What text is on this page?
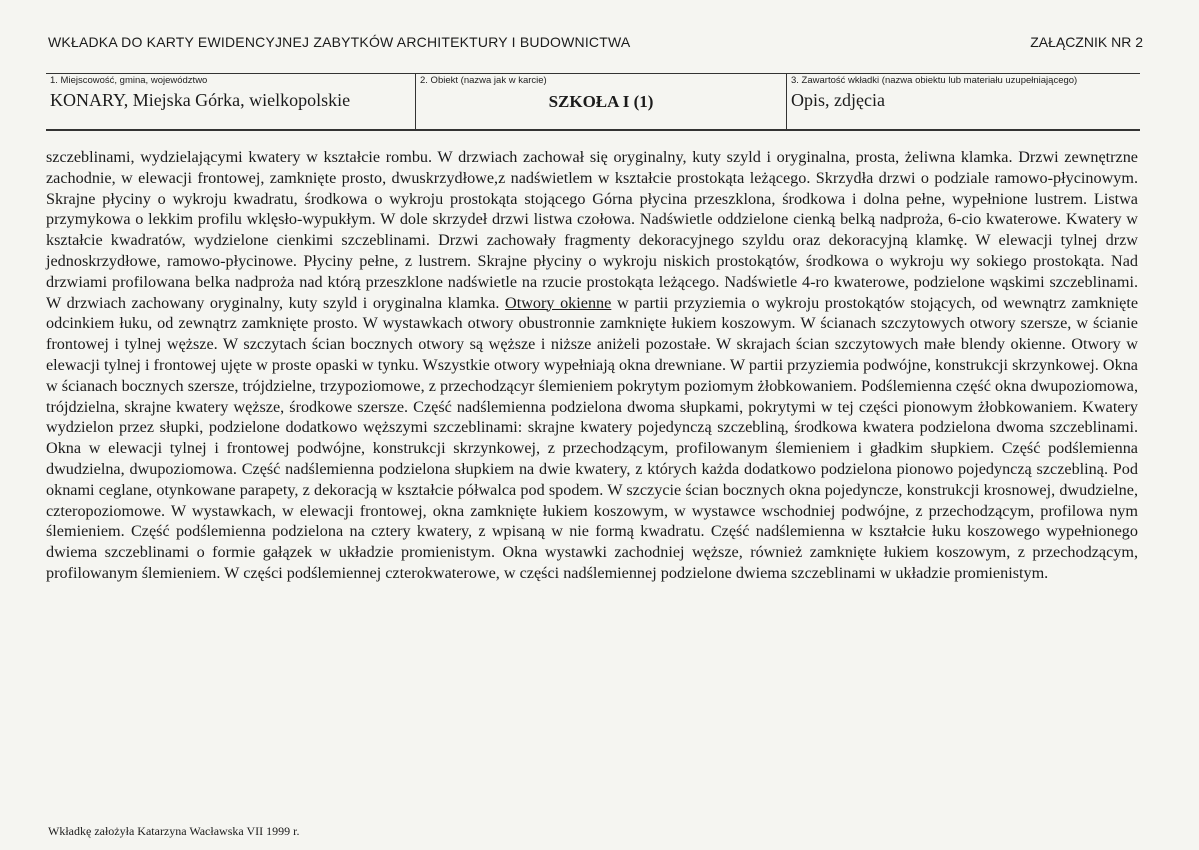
WKŁADKA DO KARTY EWIDENCYJNEJ ZABYTKÓW ARCHITEKTURY I BUDOWNICTWA	ZAŁĄCZNIK NR 2
1. Miejscowość, gmina, województwo
KONARY, Miejska Górka, wielkopolskie
2. Obiekt (nazwa jak w karcie)
SZKOŁA I (1)
3. Zawartość wkładki (nazwa obiektu lub materiału uzupełniającego)
Opis, zdjęcia

szczeblinami, wydzielającymi kwatery w kształcie rombu. W drzwiach zachował się oryginalny, kuty szyld i oryginalna, prosta, żeliwna klamka. Drzwi zewnętrzne zachodnie, w elewacji frontowej, zamknięte prosto, dwuskrzydłowe,z nadświetlem w kształcie prostokąta leżącego. Skrzydła drzwi o podziale ramowo-płycinowym. Skrajne płyciny o wykroju kwadratu, środkowa o wykroju prostokąta stojącego Górna płycina przeszklona, środkowa i dolna pełne, wypełnione lustrem. Listwa przymykowa o lekkim profilu wklęsło-wypukłym. W dole skrzydeł drzwi listwa czołowa. Nadświetle oddzielone cienką belką nadproża, 6-cio kwaterowe. Kwatery w kształcie kwadratów, wydzielone cienkimi szczeblinami. Drzwi zachowały fragmenty dekoracyjnego szyldu oraz dekoracyjną klamkę. W elewacji tylnej drzw jednoskrzydłowe, ramowo-płycinowe. Płyciny pełne, z lustrem. Skrajne płyciny o wykroju niskich prostokątów, środkowa o wykroju wy sokiego prostokąta. Nad drzwiami profilowana belka nadproża nad którą przeszklone nadświetle na rzucie prostokąta leżącego. Nadświetle 4-ro kwaterowe, podzielone wąskimi szczeblinami. W drzwiach zachowany oryginalny, kuty szyld i oryginalna klamka. Otwory okienne w partii przyziemia o wykroju prostokątów stojących, od wewnątrz zamknięte odcinkiem łuku, od zewnątrz zamknięte prosto. W wystawkach otwory obustronnie zamknięte łukiem koszowym. W ścianach szczytowych otwory szersze, w ścianie frontowej i tylnej węższe. W szczytach ścian bocznych otwory są węższe i niższe aniżeli pozostałe. W skrajach ścian szczytowych małe blendy okienne. Otwory w elewacji tylnej i frontowej ujęte w proste opaski w tynku. Wszystkie otwory wypełniają okna drewniane. W partii przyziemia podwójne, konstrukcji skrzynkowej. Okna w ścianach bocznych szersze, trójdzielne, trzypoziomowe, z przechodzącyr ślemieniem pokrytym poziomym żłobkowaniem. Podślemienna część okna dwupoziomowa, trójdzielna, skrajne kwatery węższe, środkowe szersze. Część nadślemienna podzielona dwoma słupkami, pokrytymi w tej części pionowym żłobkowaniem. Kwatery wydzielon przez słupki, podzielone dodatkowo węższymi szczeblinami: skrajne kwatery pojedynczą szczebliną, środkowa kwatera podzielona dwoma szczeblinami. Okna w elewacji tylnej i frontowej podwójne, konstrukcji skrzynkowej, z przechodzącym, profilowanym ślemieniem i gładkim słupkiem. Część podślemienna dwudzielna, dwupoziomowa. Część nadślemienna podzielona słupkiem na dwie kwatery, z których każda dodatkowo podzielona pionowo pojedynczą szczebliną. Pod oknami ceglane, otynkowane parapety, z dekoracją w kształcie półwalca pod spodem. W szczycie ścian bocznych okna pojedyncze, konstrukcji krosnowej, dwudzielne, czteropoziomowe. W wystawkach, w elewacji frontowej, okna zamknięte łukiem koszowym, w wystawce wschodniej podwójne, z przechodzącym, profilowa nym ślemieniem. Część podślemienna podzielona na cztery kwatery, z wpisaną w nie formą kwadratu. Część nadślemienna w kształcie łuku koszowego wypełnionego dwiema szczeblinami o formie gałązek w układzie promienistym. Okna wystawki zachodniej węższe, również zamknięte łukiem koszowym, z przechodzącym, profilowanym ślemieniem. W części podślemiennej czterokwaterowe, w części nadślemiennej podzielone dwiema szczeblinami w układzie promienistym.

Wkładkę założyła Katarzyna Wacławska VII 1999 r.
